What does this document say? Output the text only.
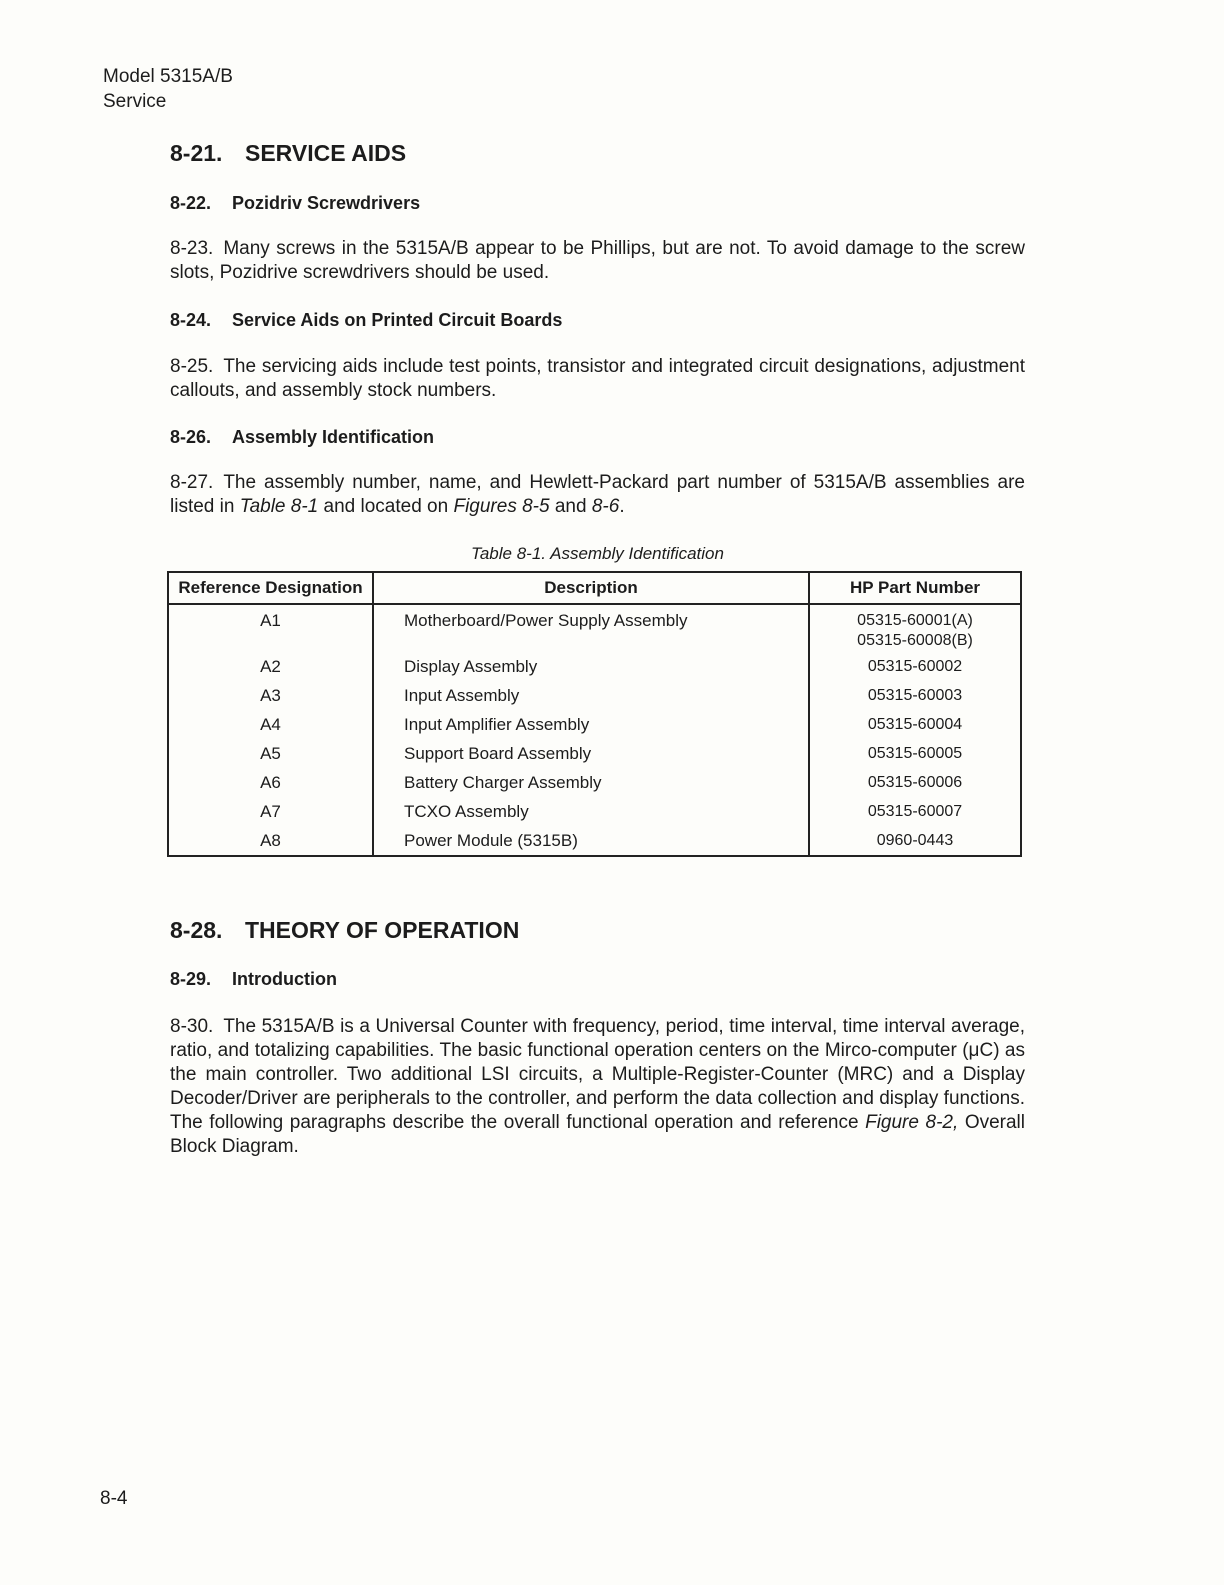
Model 5315A/B
Service
8-21. SERVICE AIDS
8-22. Pozidriv Screwdrivers

8-23. Many screws in the 5315A/B appear to be Phillips, but are not. To avoid damage to the screw slots, Pozidrive screwdrivers should be used.

8-24. Service Aids on Printed Circuit Boards

8-25. The servicing aids include test points, transistor and integrated circuit designations, adjustment callouts, and assembly stock numbers.

8-26. Assembly Identification

8-27. The assembly number, name, and Hewlett-Packard part number of 5315A/B assemblies are listed in Table 8-1 and located on Figures 8-5 and 8-6.

Table 8-1. Assembly Identification
Reference Designation	Description	HP Part Number
A1	Motherboard/Power Supply Assembly	05315-60001(A)
05315-60008(B)

A2	Display Assembly	05315-60002
A3	Input Assembly	05315-60003
A4	Input Amplifier Assembly	05315-60004
A5	Support Board Assembly	05315-60005
A6	Battery Charger Assembly	05315-60006
A7	TCXO Assembly	05315-60007
A8	Power Module (5315B)	0960-0443
8-28. THEORY OF OPERATION
8-29. Introduction

8-30. The 5315A/B is a Universal Counter with frequency, period, time interval, time interval average, ratio, and totalizing capabilities. The basic functional operation centers on the Mirco-computer (μC) as the main controller. Two additional LSI circuits, a Multiple-Register-Counter (MRC) and a Display Decoder/Driver are peripherals to the controller, and perform the data collection and display functions. The following paragraphs describe the overall functional operation and reference Figure 8-2, Overall Block Diagram.

8-4
